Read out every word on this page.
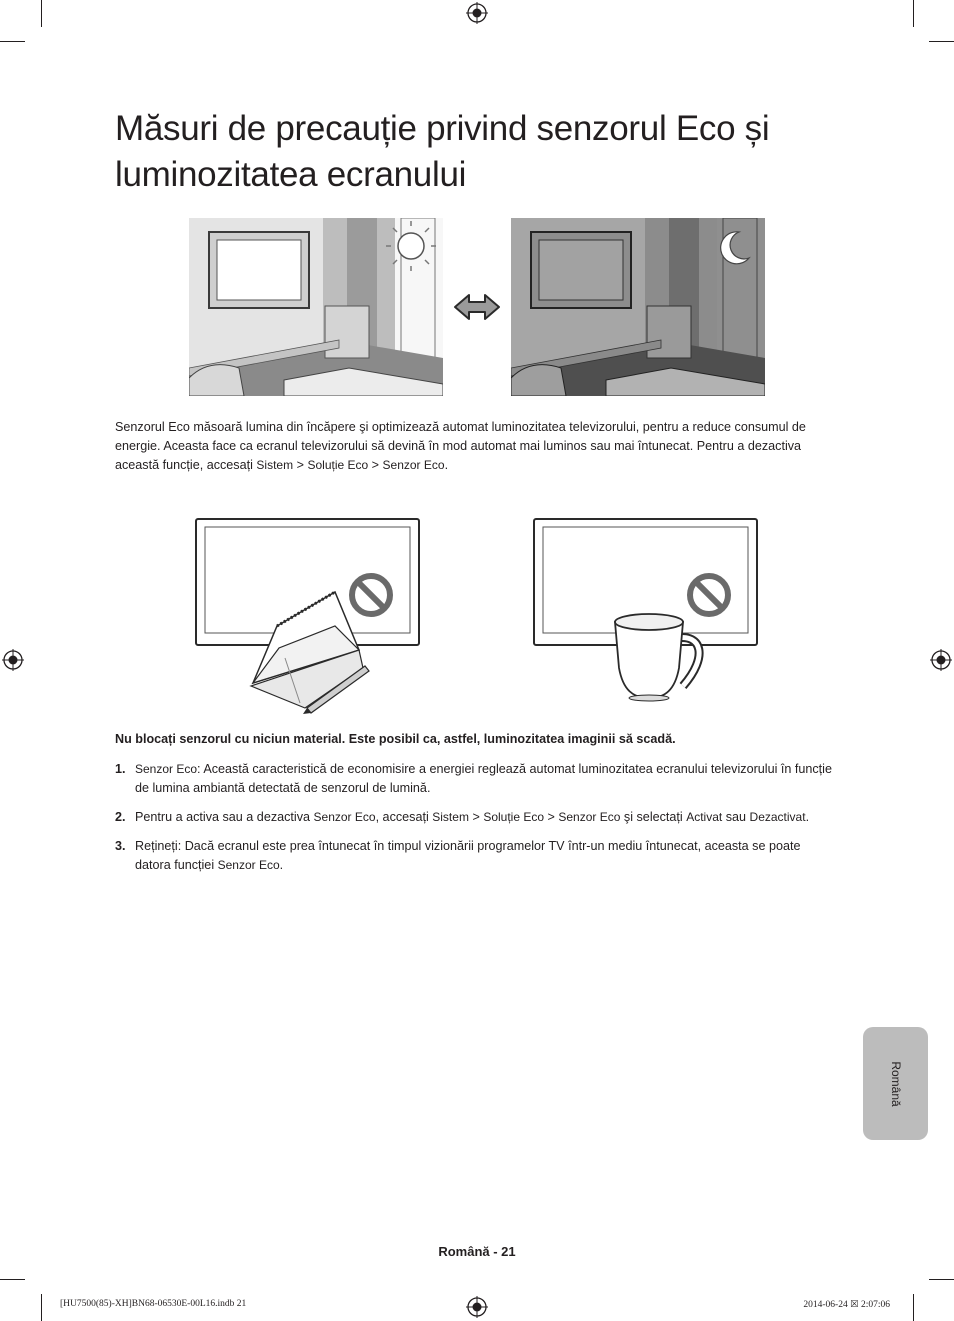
Măsuri de precauție privind senzorul Eco și
luminozitatea ecranului
Senzorul Eco măsoară lumina din încăpere şi optimizează automat luminozitatea televizorului, pentru a reduce consumul de energie. Aceasta face ca ecranul televizorului să devină în mod automat mai luminos sau mai întunecat. Pentru a dezactiva această funcție, accesați Sistem > Soluție Eco > Senzor Eco.
Nu blocați senzorul cu niciun material. Este posibil ca, astfel, luminozitatea imaginii să scadă.
1. Senzor Eco: Această caracteristică de economisire a energiei reglează automat luminozitatea ecranului televizorului în funcție de lumina ambiantă detectată de senzorul de lumină.
2. Pentru a activa sau a dezactiva Senzor Eco, accesați Sistem > Soluție Eco > Senzor Eco şi selectați Activat sau Dezactivat.
3. Rețineți: Dacă ecranul este prea întunecat în timpul vizionării programelor TV într-un mediu întunecat, aceasta se poate datora funcției Senzor Eco.
Română
Română - 21
[HU7500(85)-XH]BN68-06530E-00L16.indb 21	2014-06-24 ☒ 2:07:06
